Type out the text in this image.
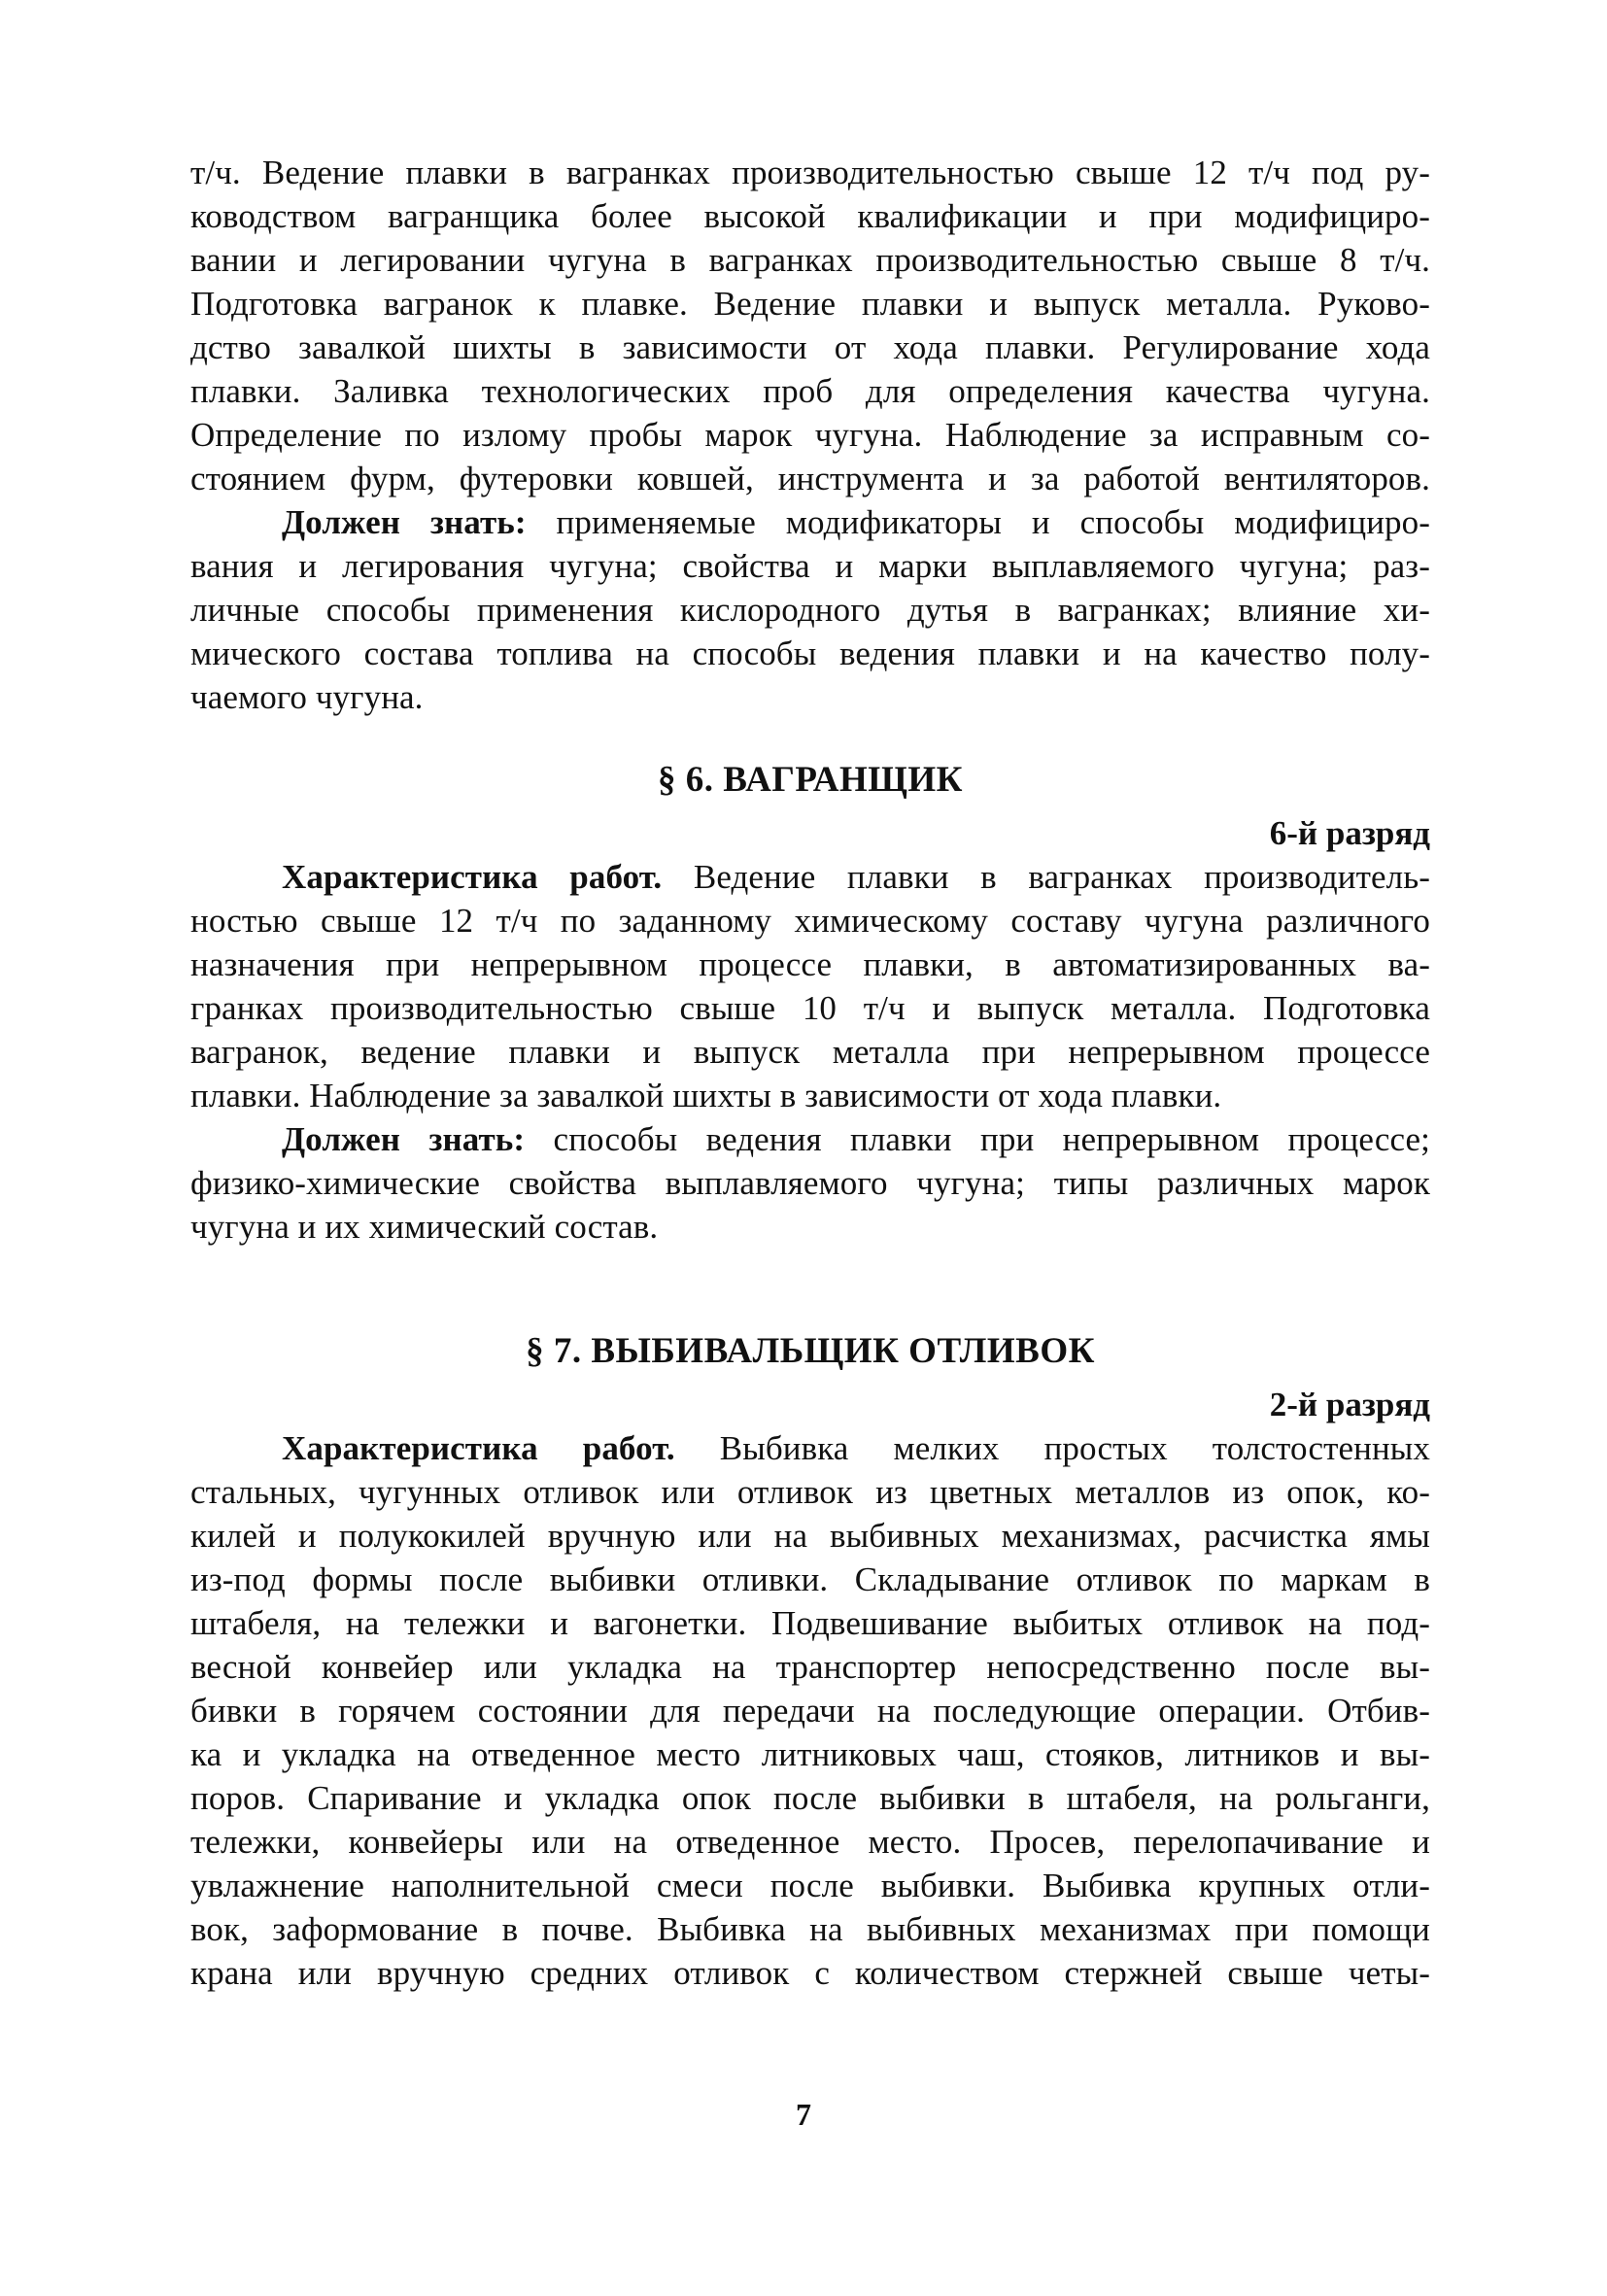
т/ч. Ведение плавки в вагранках производительностью свыше 12 т/ч под ру-
ководством вагранщика более высокой квалификации и при модифициро-
вании и легировании чугуна в вагранках производительностью свыше 8 т/ч.
Подготовка вагранок к плавке. Ведение плавки и выпуск металла. Руково-
дство завалкой шихты в зависимости от хода плавки. Регулирование хода
плавки. Заливка технологических проб для определения качества чугуна.
Определение по излому пробы марок чугуна. Наблюдение за исправным со-
стоянием фурм, футеровки ковшей, инструмента и за работой вентиляторов.
Должен знать: применяемые модификаторы и способы модифициро-
вания и легирования чугуна; свойства и марки выплавляемого чугуна; раз-
личные способы применения кислородного дутья в вагранках; влияние хи-
мического состава топлива на способы ведения плавки и на качество полу-
чаемого чугуна.
§ 6. ВАГРАНЩИК
6-й разряд
Характеристика работ. Ведение плавки в вагранках производитель-
ностью свыше 12 т/ч по заданному химическому составу чугуна различного
назначения при непрерывном процессе плавки, в автоматизированных ва-
гранках производительностью свыше 10 т/ч и выпуск металла. Подготовка
вагранок, ведение плавки и выпуск металла при непрерывном процессе
плавки. Наблюдение за завалкой шихты в зависимости от хода плавки.
Должен знать: способы ведения плавки при непрерывном процессе;
физико-химические свойства выплавляемого чугуна; типы различных марок
чугуна и их химический состав.
§ 7. ВЫБИВАЛЬЩИК ОТЛИВОК
2-й разряд
Характеристика работ. Выбивка мелких простых толстостенных
стальных, чугунных отливок или отливок из цветных металлов из опок, ко-
килей и полукокилей вручную или на выбивных механизмах, расчистка ямы
из-под формы после выбивки отливки. Складывание отливок по маркам в
штабеля, на тележки и вагонетки. Подвешивание выбитых отливок на под-
весной конвейер или укладка на транспортер непосредственно после вы-
бивки в горячем состоянии для передачи на последующие операции. Отбив-
ка и укладка на отведенное место литниковых чаш, стояков, литников и вы-
поров. Спаривание и укладка опок после выбивки в штабеля, на рольганги,
тележки, конвейеры или на отведенное место. Просев, перелопачивание и
увлажнение наполнительной смеси после выбивки. Выбивка крупных отли-
вок, заформование в почве. Выбивка на выбивных механизмах при помощи
крана или вручную средних отливок с количеством стержней свыше четы-
7
